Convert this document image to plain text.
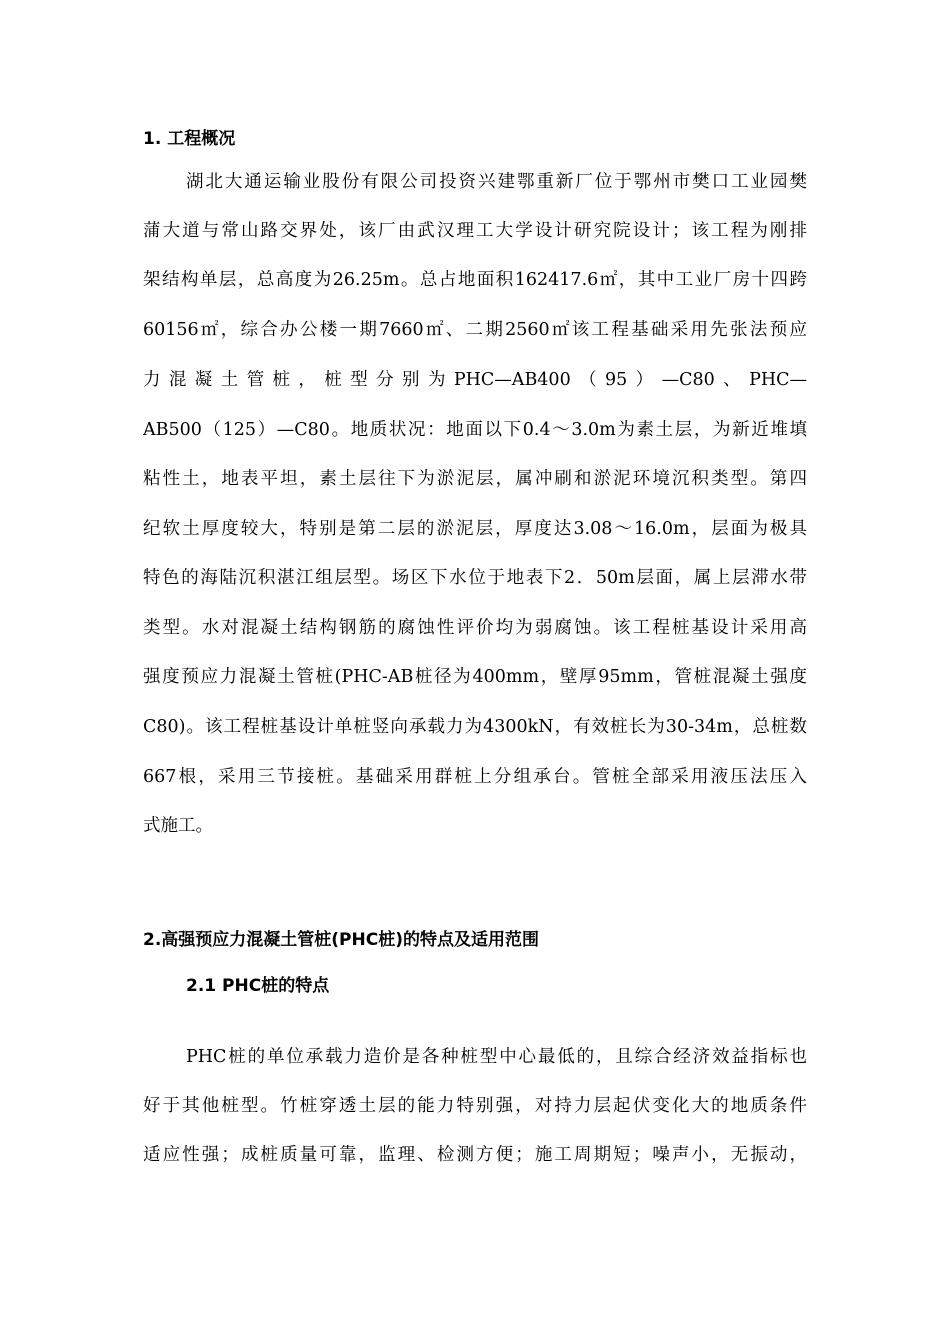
1. 工程概况
湖北大通运输业股份有限公司投资兴建鄂重新厂位于鄂州市樊口工业园樊
蒲大道与常山路交界处，该厂由武汉理工大学设计研究院设计；该工程为刚排
架结构单层，总高度为26.25m。总占地面积162417.6㎡，其中工业厂房十四跨
60156㎡，综合办公楼一期7660㎡、二期2560㎡该工程基础采用先张法预应
力混凝土管桩，桩型分别为PHC—AB400（95）—C80、PHC—
AB500（125）—C80。地质状况：地面以下0.4～3.0m为素土层，为新近堆填
粘性土，地表平坦，素土层往下为淤泥层，属冲刷和淤泥环境沉积类型。第四
纪软土厚度较大，特别是第二层的淤泥层，厚度达3.08～16.0m，层面为极具
特色的海陆沉积湛江组层型。场区下水位于地表下2．50m层面，属上层滞水带
类型。水对混凝土结构钢筋的腐蚀性评价均为弱腐蚀。该工程桩基设计采用高
强度预应力混凝土管桩(PHC-AB桩径为400mm，壁厚95mm，管桩混凝土强度
C80)。该工程桩基设计单桩竖向承载力为4300kN，有效桩长为30-34m，总桩数
667根，采用三节接桩。基础采用群桩上分组承台。管桩全部采用液压法压入
式施工。
2.高强预应力混凝土管桩(PHC桩)的特点及适用范围
2.1 PHC桩的特点
PHC桩的单位承载力造价是各种桩型中心最低的，且综合经济效益指标也
好于其他桩型。竹桩穿透土层的能力特别强，对持力层起伏变化大的地质条件
适应性强；成桩质量可靠，监理、检测方便；施工周期短；噪声小，无振动，
